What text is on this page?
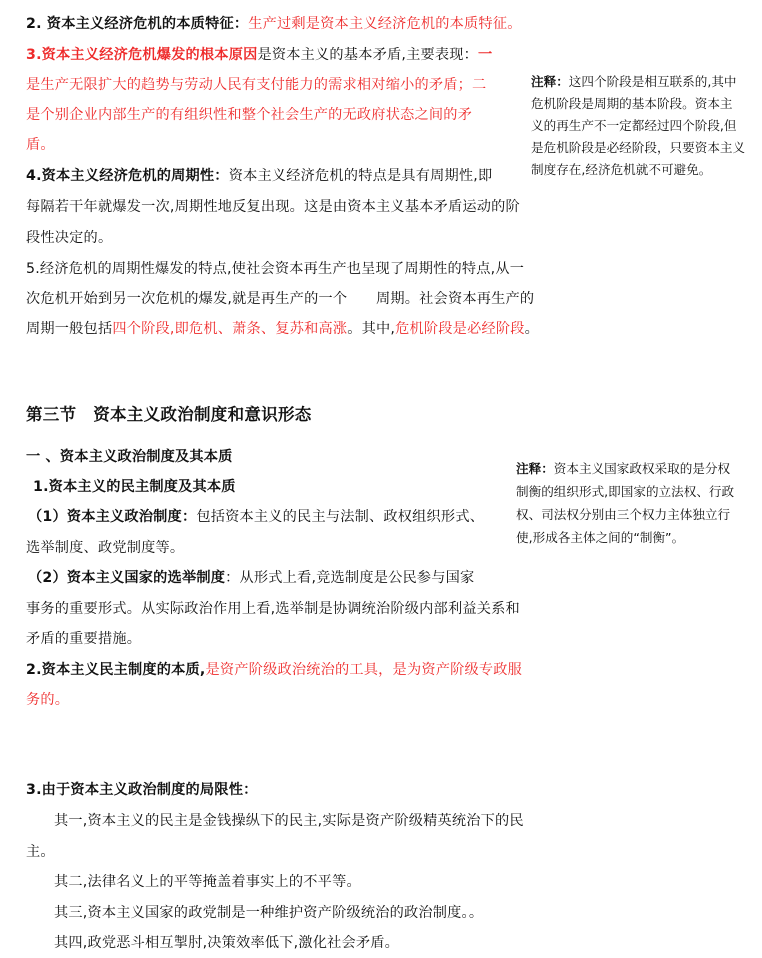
2. 资本主义经济危机的本质特征：生产过剩是资本主义经济危机的本质特征。
3.资本主义经济危机爆发的根本原因是资本主义的基本矛盾,主要表现：一
是生产无限扩大的趋势与劳动人民有支付能力的需求相对缩小的矛盾；二
是个别企业内部生产的有组织性和整个社会生产的无政府状态之间的矛
盾。
注释：这四个阶段是相互联系的,其中
危机阶段是周期的基本阶段。资本主
义的再生产不一定都经过四个阶段,但
是危机阶段是必经阶段，只要资本主义
制度存在,经济危机就不可避免。
4.资本主义经济危机的周期性：资本主义经济危机的特点是具有周期性,即
每隔若干年就爆发一次,周期性地反复出现。这是由资本主义基本矛盾运动的阶
段性决定的。
5.经济危机的周期性爆发的特点,使社会资本再生产也呈现了周期性的特点,从一
次危机开始到另一次危机的爆发,就是再生产的一个　　周期。社会资本再生产的
周期一般包括四个阶段,即危机、萧条、复苏和高涨。其中,危机阶段是必经阶段。
第三节　资本主义政治制度和意识形态
一 、资本主义政治制度及其本质
1.资本主义的民主制度及其本质
（1）资本主义政治制度：包括资本主义的民主与法制、政权组织形式、
选举制度、政党制度等。
（2）资本主义国家的选举制度：从形式上看,竞选制度是公民参与国家
事务的重要形式。从实际政治作用上看,选举制是协调统治阶级内部利益关系和
矛盾的重要措施。
2.资本主义民主制度的本质,是资产阶级政治统治的工具，是为资产阶级专政服
务的。
注释：资本主义国家政权采取的是分权
制衡的组织形式,即国家的立法权、行政
权、司法权分别由三个权力主体独立行
使,形成各主体之间的“制衡”。
3.由于资本主义政治制度的局限性：
其一,资本主义的民主是金钱操纵下的民主,实际是资产阶级精英统治下的民
主。
其二,法律名义上的平等掩盖着事实上的不平等。
其三,资本主义国家的政党制是一种维护资产阶级统治的政治制度。。
其四,政党恶斗相互掣肘,决策效率低下,激化社会矛盾。
